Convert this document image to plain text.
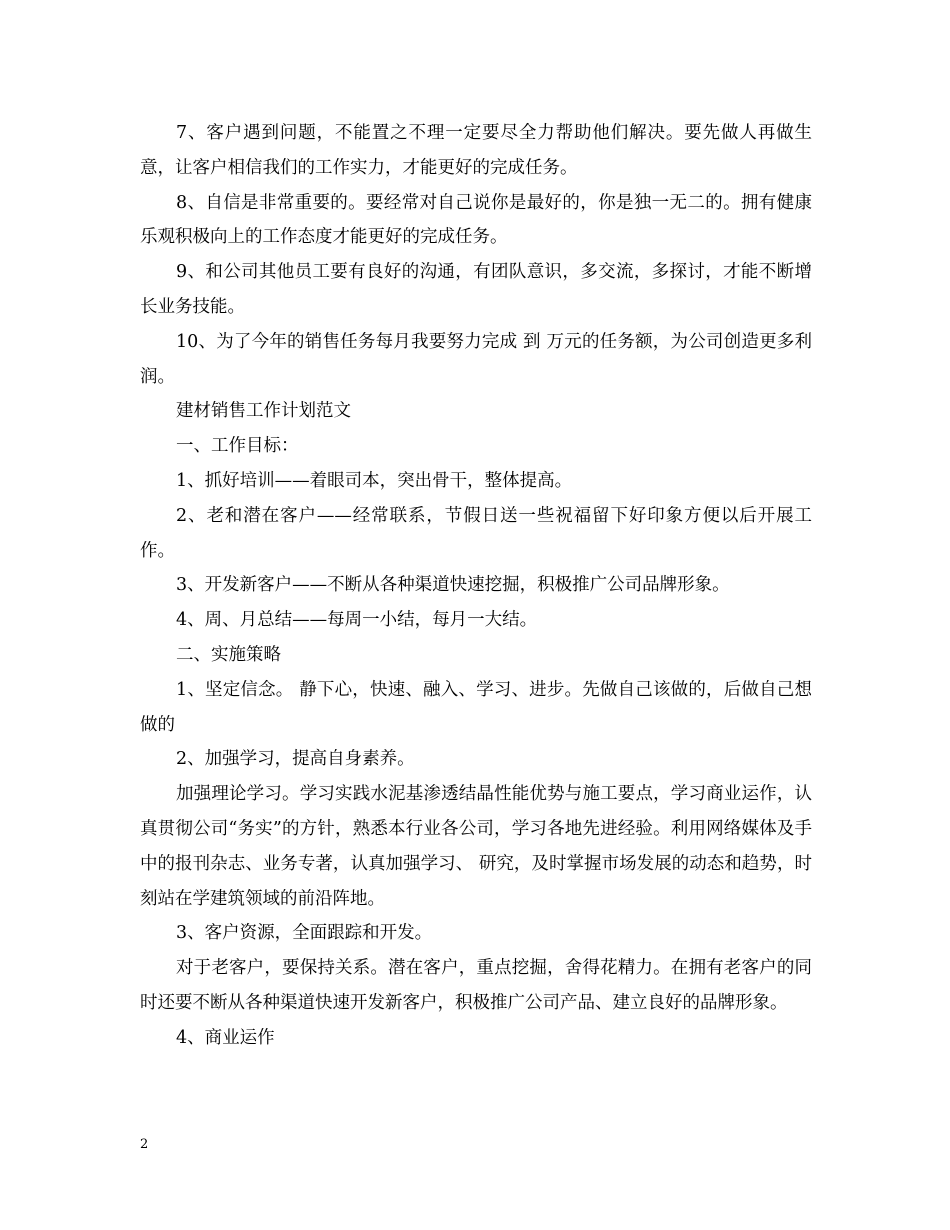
7、客户遇到问题，不能置之不理一定要尽全力帮助他们解决。要先做人再做生意，让客户相信我们的工作实力，才能更好的完成任务。

8、自信是非常重要的。要经常对自己说你是最好的，你是独一无二的。拥有健康乐观积极向上的工作态度才能更好的完成任务。

9、和公司其他员工要有良好的沟通，有团队意识，多交流，多探讨，才能不断增长业务技能。

10、为了今年的销售任务每月我要努力完成 到 万元的任务额，为公司创造更多利润。

建材销售工作计划范文

一、工作目标：

1、抓好培训——着眼司本，突出骨干，整体提高。

2、老和潜在客户——经常联系，节假日送一些祝福留下好印象方便以后开展工作。

3、开发新客户——不断从各种渠道快速挖掘，积极推广公司品牌形象。

4、周、月总结——每周一小结，每月一大结。

二、实施策略

1、坚定信念。 静下心，快速、融入、学习、进步。先做自己该做的，后做自己想做的

2、加强学习，提高自身素养。

加强理论学习。学习实践水泥基渗透结晶性能优势与施工要点，学习商业运作，认真贯彻公司“务实”的方针，熟悉本行业各公司，学习各地先进经验。利用网络媒体及手中的报刊杂志、业务专著，认真加强学习、 研究，及时掌握市场发展的动态和趋势，时刻站在学建筑领域的前沿阵地。

3、客户资源，全面跟踪和开发。

对于老客户，要保持关系。潜在客户，重点挖掘，舍得花精力。在拥有老客户的同时还要不断从各种渠道快速开发新客户，积极推广公司产品、建立良好的品牌形象。

4、商业运作

2
